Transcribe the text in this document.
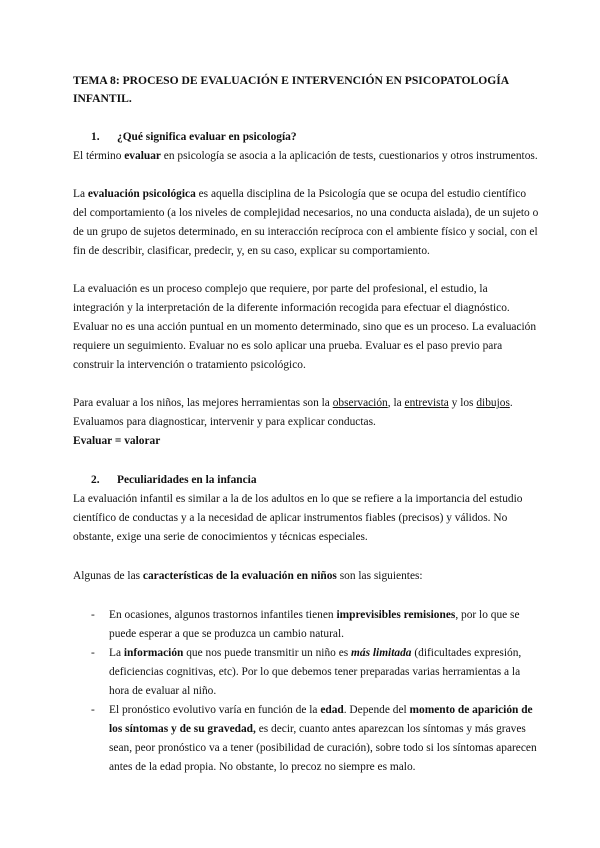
TEMA 8: PROCESO DE EVALUACIÓN E INTERVENCIÓN EN PSICOPATOLOGÍA
INFANTIL.
1. ¿Qué significa evaluar en psicología?
El término evaluar en psicología se asocia a la aplicación de tests, cuestionarios y otros instrumentos.
La evaluación psicológica es aquella disciplina de la Psicología que se ocupa del estudio científico
del comportamiento (a los niveles de complejidad necesarios, no una conducta aislada), de un sujeto o
de un grupo de sujetos determinado, en su interacción recíproca con el ambiente físico y social, con el
fin de describir, clasificar, predecir, y, en su caso, explicar su comportamiento.
La evaluación es un proceso complejo que requiere, por parte del profesional, el estudio, la
integración y la interpretación de la diferente información recogida para efectuar el diagnóstico.
Evaluar no es una acción puntual en un momento determinado, sino que es un proceso. La evaluación
requiere un seguimiento. Evaluar no es solo aplicar una prueba. Evaluar es el paso previo para
construir la intervención o tratamiento psicológico.
Para evaluar a los niños, las mejores herramientas son la observación, la entrevista y los dibujos.
Evaluamos para diagnosticar, intervenir y para explicar conductas.
Evaluar = valorar
2. Peculiaridades en la infancia
La evaluación infantil es similar a la de los adultos en lo que se refiere a la importancia del estudio
científico de conductas y a la necesidad de aplicar instrumentos fiables (precisos) y válidos. No
obstante, exige una serie de conocimientos y técnicas especiales.
Algunas de las características de la evaluación en niños son las siguientes:
- En ocasiones, algunos trastornos infantiles tienen imprevisibles remisiones, por lo que se
puede esperar a que se produzca un cambio natural.
- La información que nos puede transmitir un niño es más limitada (dificultades expresión,
deficiencias cognitivas, etc). Por lo que debemos tener preparadas varias herramientas a la
hora de evaluar al niño.
- El pronóstico evolutivo varía en función de la edad. Depende del momento de aparición de
los síntomas y de su gravedad, es decir, cuanto antes aparezcan los síntomas y más graves
sean, peor pronóstico va a tener (posibilidad de curación), sobre todo si los síntomas aparecen
antes de la edad propia. No obstante, lo precoz no siempre es malo.
